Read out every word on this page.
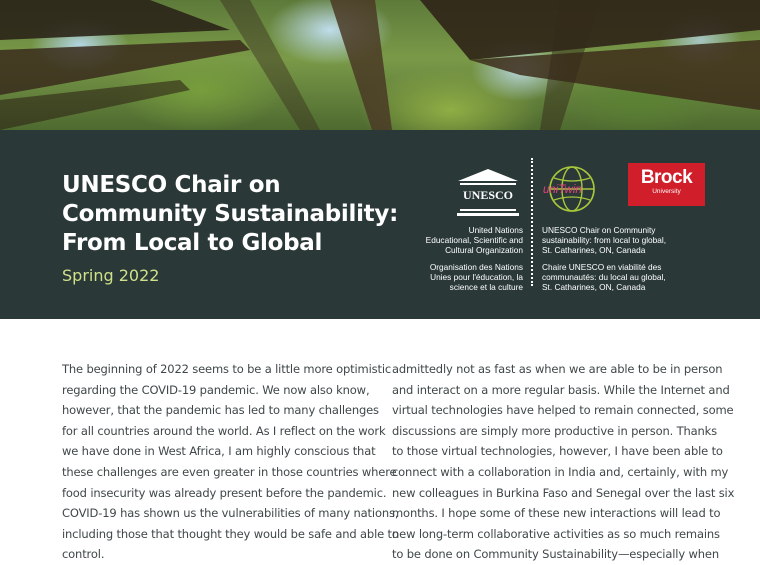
UNESCO Chair on
Community Sustainability:
From Local to Global
Spring 2022
UNESCO
United Nations
Educational, Scientific and
Cultural Organization
Organisation des Nations
Unies pour l'éducation, la
science et la culture
uniTwin
UNESCO Chair on Community
sustainability: from local to global,
St. Catharines, ON, Canada
Chaire UNESCO en viabilité des
communautés: du local au global,
St. Catharines, ON, Canada
Brock
University
The beginning of 2022 seems to be a little more optimistic
regarding the COVID-19 pandemic. We now also know,
however, that the pandemic has led to many challenges
for all countries around the world. As I reflect on the work
we have done in West Africa, I am highly conscious that
these challenges are even greater in those countries where
food insecurity was already present before the pandemic.
COVID-19 has shown us the vulnerabilities of many nations,
including those that thought they would be safe and able to
control.
admittedly not as fast as when we are able to be in person
and interact on a more regular basis. While the Internet and
virtual technologies have helped to remain connected, some
discussions are simply more productive in person. Thanks
to those virtual technologies, however, I have been able to
connect with a collaboration in India and, certainly, with my
new colleagues in Burkina Faso and Senegal over the last six
months. I hope some of these new interactions will lead to
new long-term collaborative activities as so much remains
to be done on Community Sustainability—especially when
